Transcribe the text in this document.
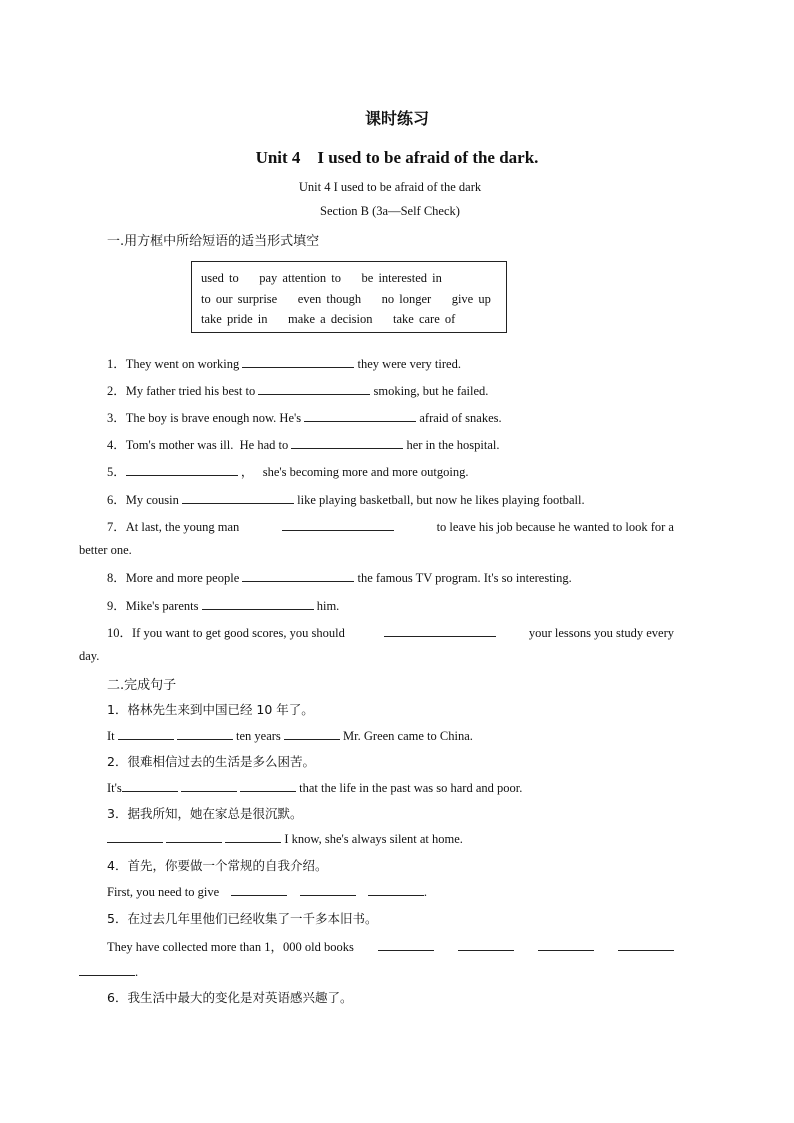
课时练习
Unit 4    I used to be afraid of the dark.
Unit 4 I used to be afraid of the dark
Section B (3a—Self Check)
一.用方框中所给短语的适当形式填空
used to    pay attention to    be interested in
to our surprise    even though    no longer    give up
take pride in    make a decision    take care of
1．They went on working	they were very tired.
2．My father tried his best to	smoking, but he failed.
3．The boy is brave enough now. He's	afraid of snakes.
4．Tom's mother was ill.  He had to	her in the hospital.
5．	，   she's becoming more and more outgoing.
6．My cousin	like playing basketball, but now he likes playing football.
7．At last, the young man	to leave his job because he wanted to look for a
better one.
8．More and more people	the famous TV program. It's so interesting.
9．Mike's parents	him.
10．If you want to get good scores, you should	your lessons you study every
day.
二.完成句子
1．格林先生来到中国已经 10 年了。
It	ten years	Mr. Green came to China.
2．很难相信过去的生活是多么困苦。
It's	that the life in the past was so hard and poor.
3．据我所知，她在家总是很沉默。
I know, she's always silent at home.
4．首先，你要做一个常规的自我介绍。
First, you need to give	.
5．在过去几年里他们已经收集了一千多本旧书。
They have collected more than 1，000 old books
.
6．我生活中最大的变化是对英语感兴趣了。
